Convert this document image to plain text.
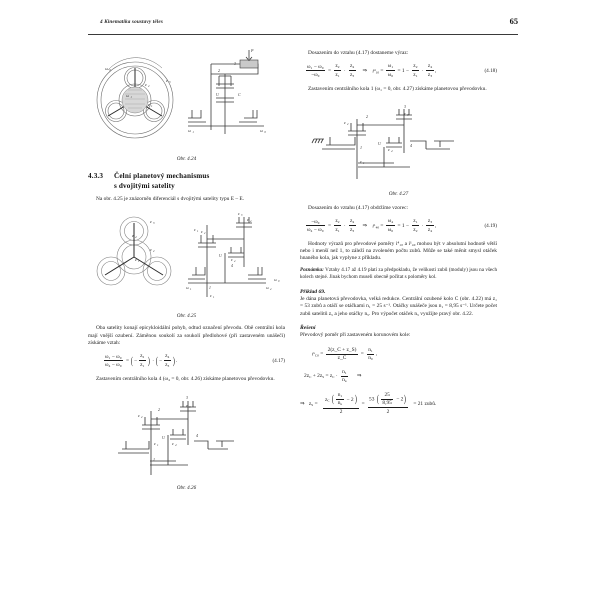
4 Kinematika soustavy těles	65
ω 0
ω 1
z 2
z 3
z 1
P
3
2
U	C
ω 1	ω 0
Obr. 4.24
4.3.3 Čelní planetový mechanismus
s dvojitými satelity

Na obr. 4.25 je znázorněn diferenciál s dvojitými satelity typu E – E.

z 3
z 4
z 2
z 1
z 2
z 1
z 3
z 4
U
z 4
4
1
z 1
ω 1	ω 4
ω 0
Obr. 4.25

Oba satelity konají epicykloidální pohyb, odtud označení převodu. Obě centrální kola mají vnější ozubení. Záměnou soukolí za soukolí předlohové (při zastaveném unášeči) získáme vztah:

$\frac{\text{ω₁ − ω₀}}{\text{ω₄ − ω₀}}$ = (− $\frac{z_2}{z_1}$ ) · (− $\frac{z_4}{z_3}$ ).	(4.17)

Zastavením centrálního kola 4 (ω₄ = 0, obr. 4.26) získáme planetovou převodovku.

2
z 2
3
z 3
U
z 4
4
z 1
1
Obr. 4.26

Dosazením do vztahu (4.17) dostaneme výraz:

$\frac{\text{ω₁ − ω₀}}{\text{−ω₀}} = \frac{z_2}{z_1} \cdot \frac{z_4}{z_3}$ ⇒ $i^4_{10} = \frac{\omega_1}{\omega_0} = 1 - \frac{z_2}{z_1} \cdot \frac{z_4}{z_3}$ ,	(4.18)

Zastavením centrálního kola 1 (ω₁ = 0, obr. 4.27) získáme planetovou převodovku.

2
z 2
3
z 3
U
z 4
4
1
z 1
Obr. 4.27

Dosazením do vztahu (4.17) obdržíme vzorec:

$\frac{\text{−ω₀}}{\text{ω₄ − ω₀}} = \frac{z_2}{z_1} \cdot \frac{z_4}{z_3}$ ⇒ $i^1_{40} = \frac{\omega_4}{\omega_0} = 1 - \frac{z_1}{z_2} \cdot \frac{z_3}{z_4}$ ,	(4.19)

Hodnoty výrazů pro převodové poměry i⁴₁₀ a i¹₄₀ mohou být v absolutní hodnotě větší nebo i menší než 1, to záleží na zvoleném počtu zubů. Může se také měnit smysl otáček hnaného kola, jak vyplyne z příkladu.

Poznámka: Vztahy 4.17 až 4.19 platí za předpokladu, že velikosti zubů (moduly) jsou na všech kolech stejné. Jinak bychom museli obecně počítat s poloměry kol.

Příklad 69.

Je dána planetová převodovka, velká redukce. Centrální ozubené kolo C (obr. 4.22) má z₁ = 53 zubů a otáčí se otáčkami n₁ = 25 s⁻¹. Otáčky unášeče jsou n₁ = 8,95 s⁻¹. Určete počet zubů satelitů z₅ a jeho otáčky n₅. Pro výpočet otáček n₅ využijte pravý obr. 4.22.

Řešení

Převodový poměr při zastaveném korunovém kole:

$i^s_{C0} = \frac{2(z\_C + z\_S)}{z\_C} = \frac{\text{n₁}}{\text{n₀}}$ ,
$2z_C + 2z_S = z_C \cdot \frac{n_1}{n_u}$ ⇒
⇒ $z_S = \frac{z_C ( \frac{n_1}{n_u} - 2)}{2} = \frac{53 ( \frac{25}{8,95} - 2)}{2} = 21$ zubů.
